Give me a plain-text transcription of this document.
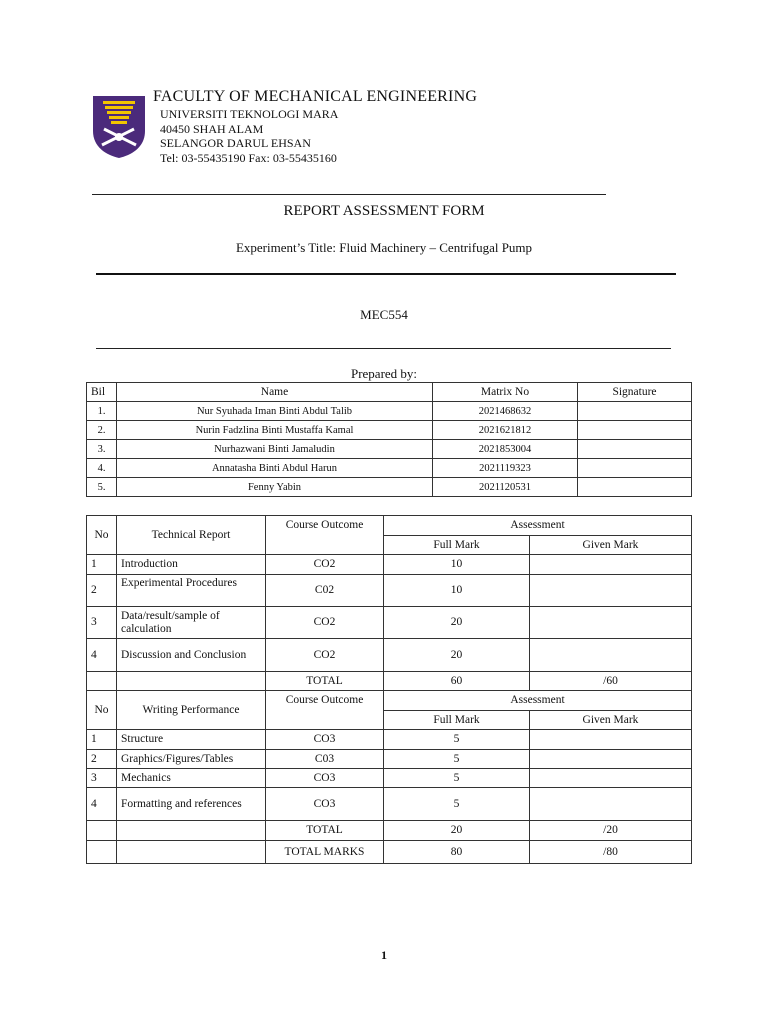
FACULTY OF MECHANICAL ENGINEERING
UNIVERSITI TEKNOLOGI MARA
40450 SHAH ALAM
SELANGOR DARUL EHSAN
Tel: 03-55435190 Fax: 03-55435160
REPORT ASSESSMENT FORM
Experiment’s Title: Fluid Machinery – Centrifugal Pump
MEC554
Prepared by:
Bil	Name	Matrix No	Signature
1.	Nur Syuhada Iman Binti Abdul Talib	2021468632	
2.	Nurin Fadzlina Binti Mustaffa Kamal	2021621812	
3.	Nurhazwani Binti Jamaludin	2021853004	
4.	Annatasha Binti Abdul Harun	2021119323	
5.	Fenny Yabin	2021120531	
No	Technical Report	Course Outcome	Assessment	
			Full Mark	Given Mark
1	Introduction	CO2	10	
2	Experimental Procedures	C02	10	
3	Data/result/sample of calculation	CO2	20	
4	Discussion and Conclusion	CO2	20	
		TOTAL	60	/60
No	Writing Performance	Course Outcome	Assessment	
			Full Mark	Given Mark
1	Structure	CO3	5	
2	Graphics/Figures/Tables	C03	5	
3	Mechanics	CO3	5	
4	Formatting and references	CO3	5	
		TOTAL	20	/20
		TOTAL MARKS	80	/80
1
